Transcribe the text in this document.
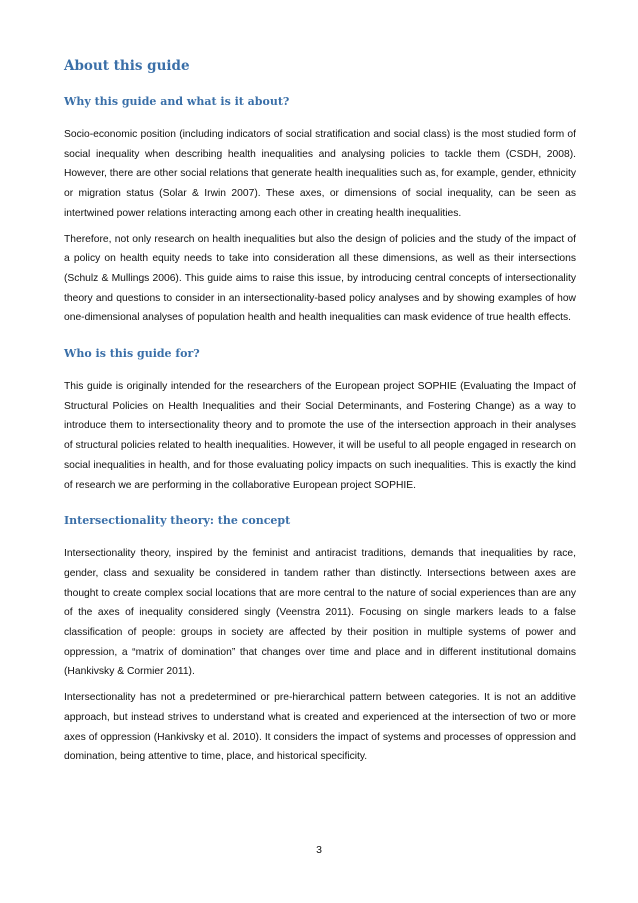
About this guide
Why this guide and what is it about?

Socio-economic position (including indicators of social stratification and social class) is the most studied form of social inequality when describing health inequalities and analysing policies to tackle them (CSDH, 2008). However, there are other social relations that generate health inequalities such as, for example, gender, ethnicity or migration status (Solar & Irwin 2007). These axes, or dimensions of social inequality, can be seen as intertwined power relations interacting among each other in creating health inequalities.

Therefore, not only research on health inequalities but also the design of policies and the study of the impact of a policy on health equity needs to take into consideration all these dimensions, as well as their intersections (Schulz & Mullings 2006). This guide aims to raise this issue, by introducing central concepts of intersectionality theory and questions to consider in an intersectionality-based policy analyses and by showing examples of how one-dimensional analyses of population health and health inequalities can mask evidence of true health effects.

Who is this guide for?

This guide is originally intended for the researchers of the European project SOPHIE (Evaluating the Impact of Structural Policies on Health Inequalities and their Social Determinants, and Fostering Change) as a way to introduce them to intersectionality theory and to promote the use of the intersection approach in their analyses of structural policies related to health inequalities. However, it will be useful to all people engaged in research on social inequalities in health, and for those evaluating policy impacts on such inequalities. This is exactly the kind of research we are performing in the collaborative European project SOPHIE.

Intersectionality theory: the concept

Intersectionality theory, inspired by the feminist and antiracist traditions, demands that inequalities by race, gender, class and sexuality be considered in tandem rather than distinctly. Intersections between axes are thought to create complex social locations that are more central to the nature of social experiences than are any of the axes of inequality considered singly (Veenstra 2011). Focusing on single markers leads to a false classification of people: groups in society are affected by their position in multiple systems of power and oppression, a “matrix of domination” that changes over time and place and in different institutional domains (Hankivsky & Cormier 2011).

Intersectionality has not a predetermined or pre-hierarchical pattern between categories. It is not an additive approach, but instead strives to understand what is created and experienced at the intersection of two or more axes of oppression (Hankivsky et al. 2010). It considers the impact of systems and processes of oppression and domination, being attentive to time, place, and historical specificity.

3
